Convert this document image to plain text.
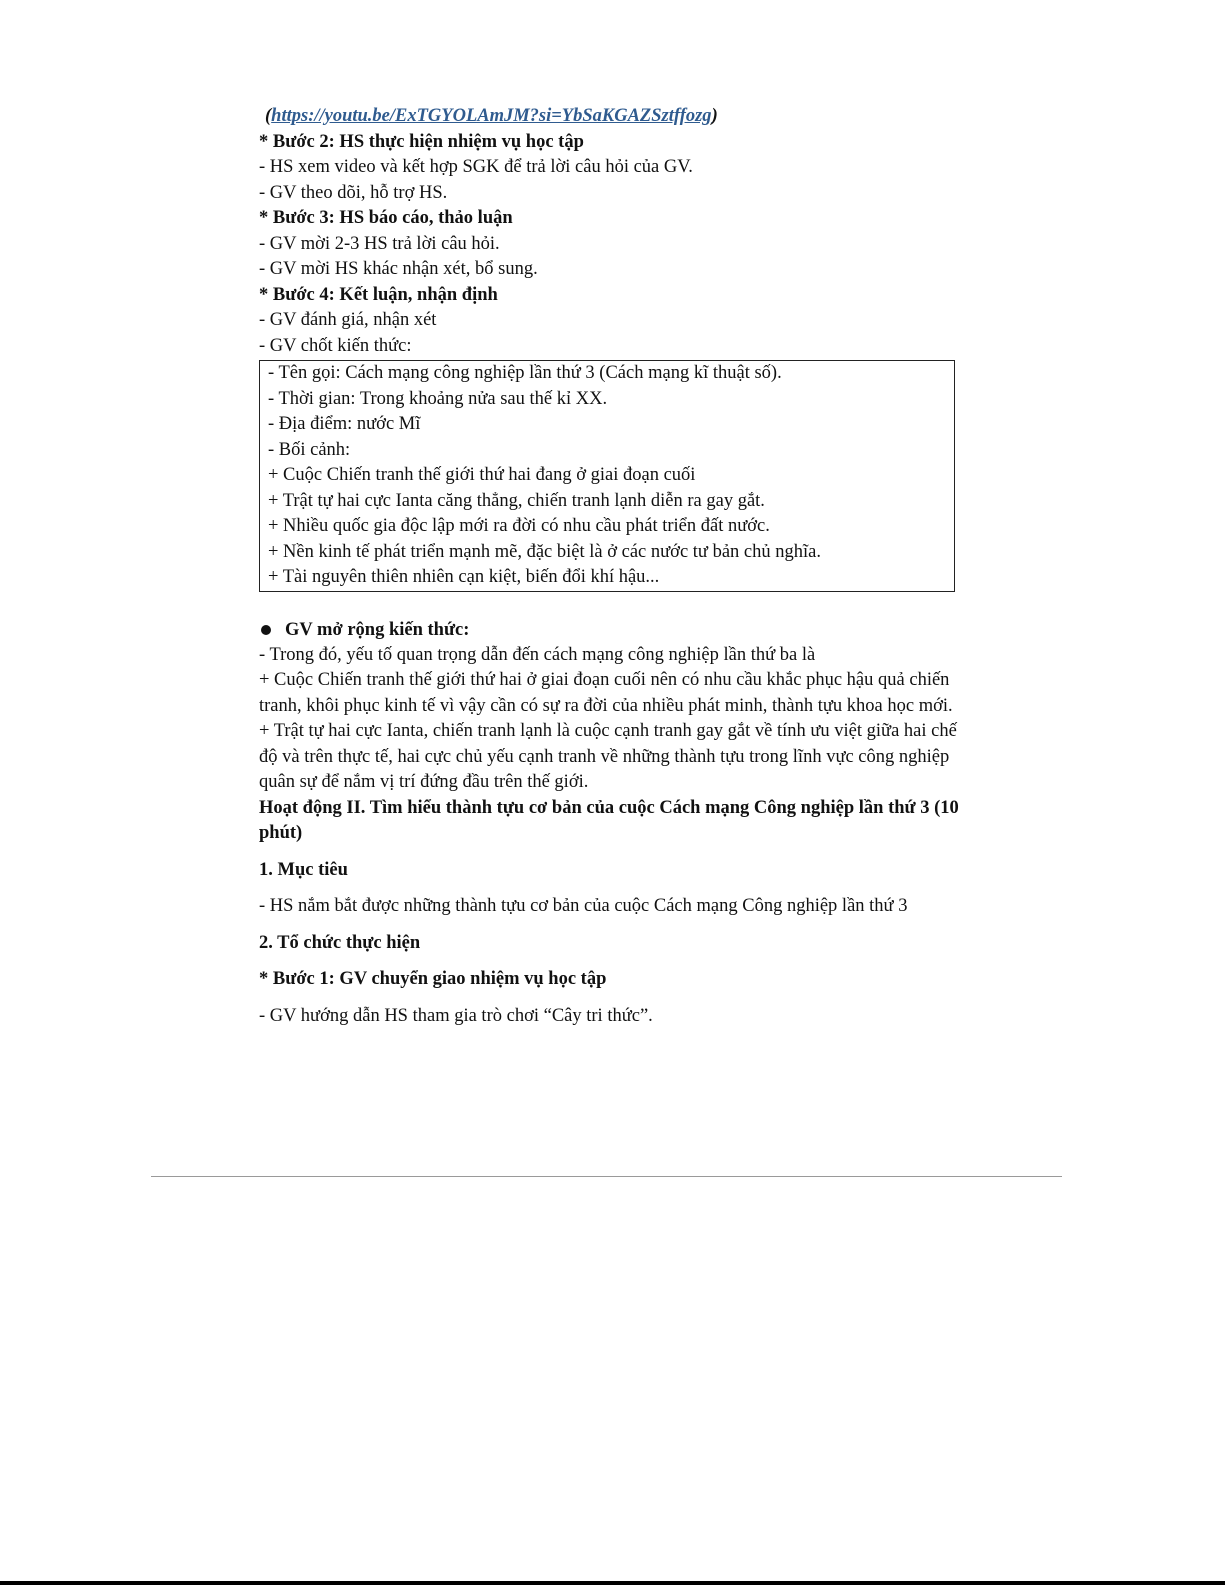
(https://youtu.be/ExTGYOLAmJM?si=YbSaKGAZSztffozg)
* Bước 2: HS thực hiện nhiệm vụ học tập
- HS xem video và kết hợp SGK để trả lời câu hỏi của GV.
- GV theo dõi, hỗ trợ HS.
* Bước 3: HS báo cáo, thảo luận
- GV mời 2-3 HS trả lời câu hỏi.
- GV mời HS khác nhận xét, bổ sung.
* Bước 4: Kết luận, nhận định
- GV đánh giá, nhận xét
- GV chốt kiến thức:
- Tên gọi: Cách mạng công nghiệp lần thứ 3 (Cách mạng kĩ thuật số).
- Thời gian: Trong khoảng nửa sau thế kỉ XX.
- Địa điểm: nước Mĩ
- Bối cảnh:
+ Cuộc Chiến tranh thế giới thứ hai đang ở giai đoạn cuối
+ Trật tự hai cực Ianta căng thẳng, chiến tranh lạnh diễn ra gay gắt.
+ Nhiều quốc gia độc lập mới ra đời có nhu cầu phát triển đất nước.
+ Nền kinh tế phát triển mạnh mẽ, đặc biệt là ở các nước tư bản chủ nghĩa.
+ Tài nguyên thiên nhiên cạn kiệt, biến đổi khí hậu...
GV mở rộng kiến thức:
- Trong đó, yếu tố quan trọng dẫn đến cách mạng công nghiệp lần thứ ba là
+ Cuộc Chiến tranh thế giới thứ hai ở giai đoạn cuối nên có nhu cầu khắc phục hậu quả chiến tranh, khôi phục kinh tế vì vậy cần có sự ra đời của nhiều phát minh, thành tựu khoa học mới.
+ Trật tự hai cực Ianta, chiến tranh lạnh là cuộc cạnh tranh gay gắt về tính ưu việt giữa hai chế độ và trên thực tế, hai cực chủ yếu cạnh tranh về những thành tựu trong lĩnh vực công nghiệp quân sự để nắm vị trí đứng đầu trên thế giới.
Hoạt động II. Tìm hiểu thành tựu cơ bản của cuộc Cách mạng Công nghiệp lần thứ 3 (10 phút)
1. Mục tiêu
- HS nắm bắt được những thành tựu cơ bản của cuộc Cách mạng Công nghiệp lần thứ 3
2. Tổ chức thực hiện
* Bước 1: GV chuyển giao nhiệm vụ học tập
- GV hướng dẫn HS tham gia trò chơi “Cây tri thức”.
